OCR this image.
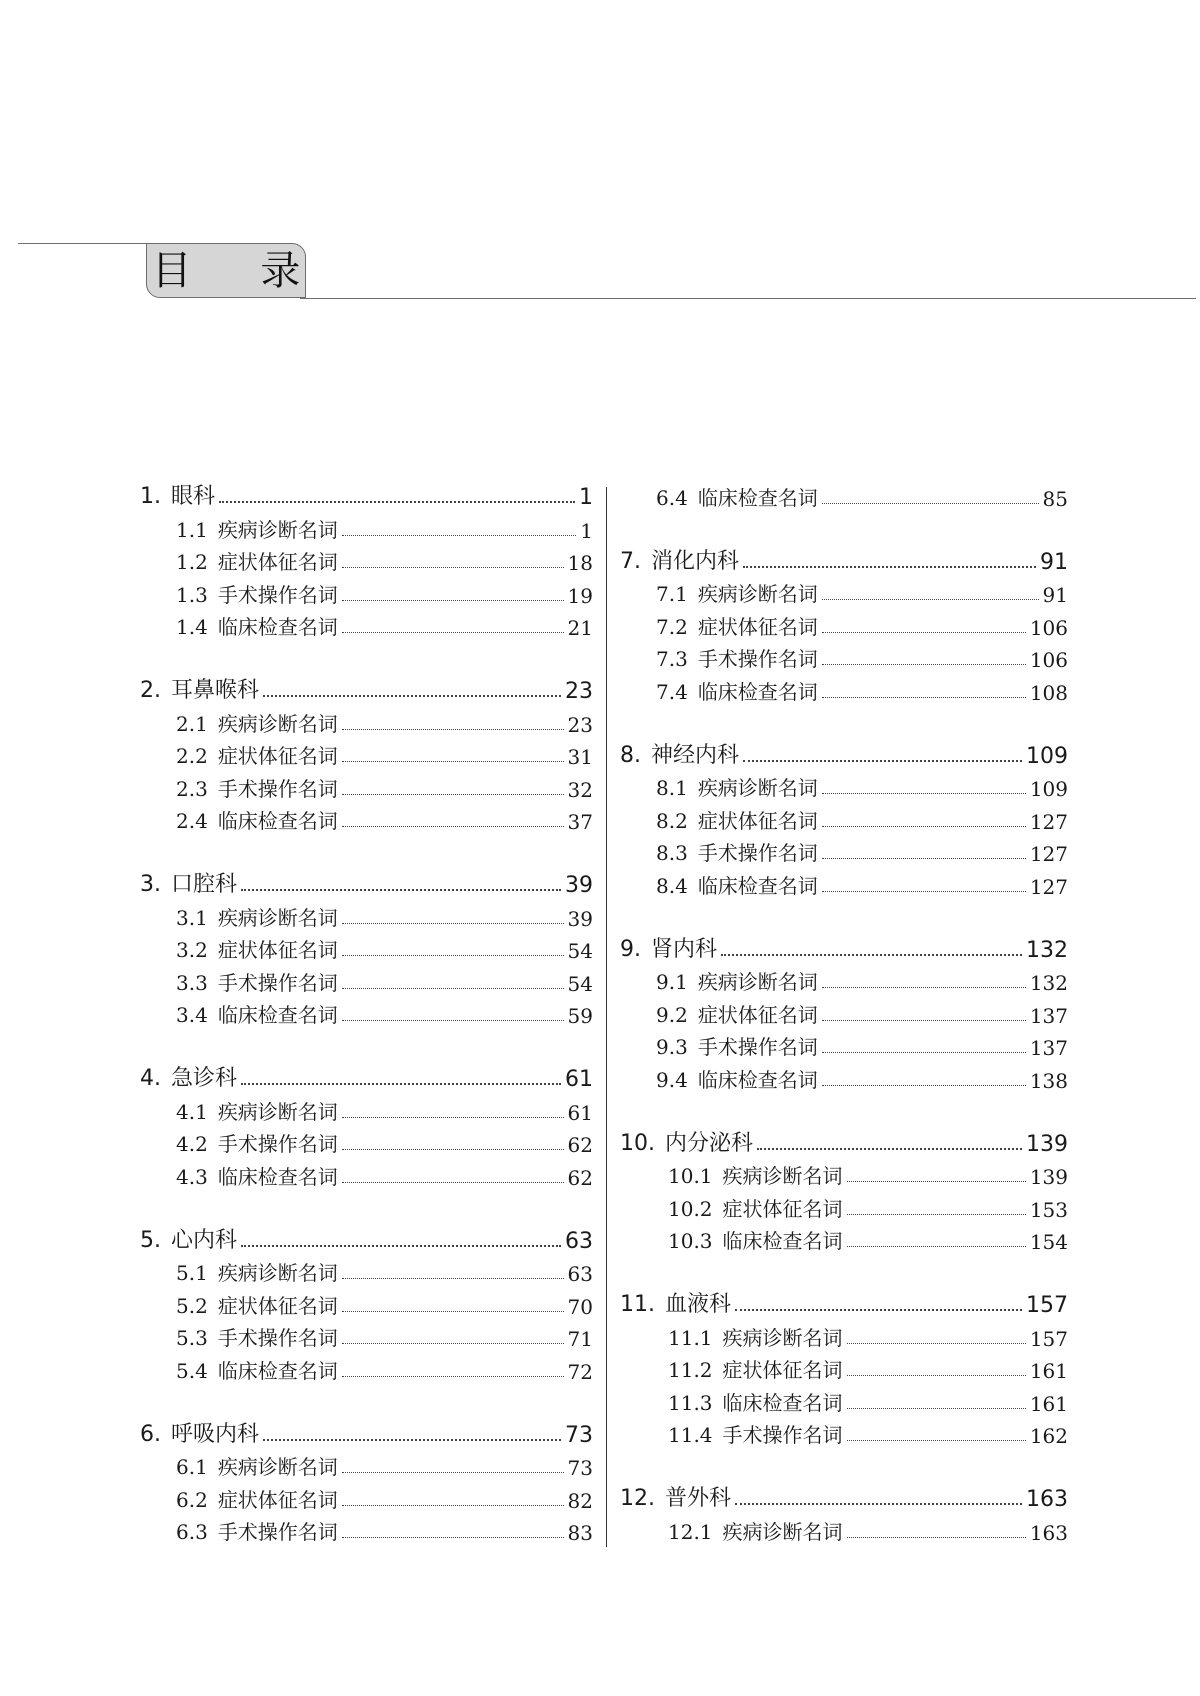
目 录
1. 眼科	1
1.1 疾病诊断名词	1
1.2 症状体征名词	18
1.3 手术操作名词	19
1.4 临床检查名词	21
2. 耳鼻喉科	23
2.1 疾病诊断名词	23
2.2 症状体征名词	31
2.3 手术操作名词	32
2.4 临床检查名词	37
3. 口腔科	39
3.1 疾病诊断名词	39
3.2 症状体征名词	54
3.3 手术操作名词	54
3.4 临床检查名词	59
4. 急诊科	61
4.1 疾病诊断名词	61
4.2 手术操作名词	62
4.3 临床检查名词	62
5. 心内科	63
5.1 疾病诊断名词	63
5.2 症状体征名词	70
5.3 手术操作名词	71
5.4 临床检查名词	72
6. 呼吸内科	73
6.1 疾病诊断名词	73
6.2 症状体征名词	82
6.3 手术操作名词	83
6.4 临床检查名词	85
7. 消化内科	91
7.1 疾病诊断名词	91
7.2 症状体征名词	106
7.3 手术操作名词	106
7.4 临床检查名词	108
8. 神经内科	109
8.1 疾病诊断名词	109
8.2 症状体征名词	127
8.3 手术操作名词	127
8.4 临床检查名词	127
9. 肾内科	132
9.1 疾病诊断名词	132
9.2 症状体征名词	137
9.3 手术操作名词	137
9.4 临床检查名词	138
10. 内分泌科	139
10.1 疾病诊断名词	139
10.2 症状体征名词	153
10.3 临床检查名词	154
11. 血液科	157
11.1 疾病诊断名词	157
11.2 症状体征名词	161
11.3 临床检查名词	161
11.4 手术操作名词	162
12. 普外科	163
12.1 疾病诊断名词	163
